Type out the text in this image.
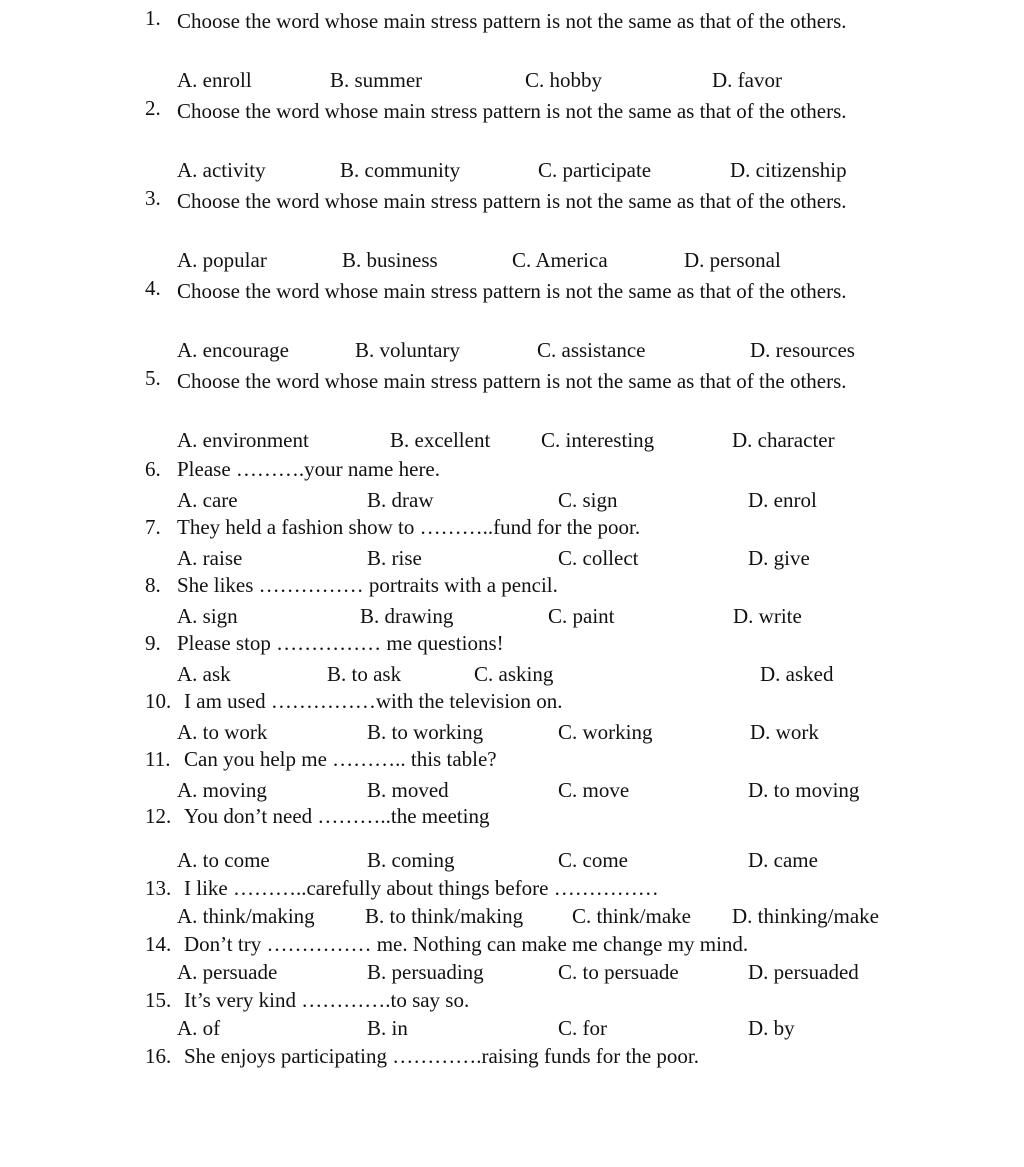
1. Choose the word whose main stress pattern is not the same as that of the others.
A. enroll	B. summer	C. hobby	D. favor
2. Choose the word whose main stress pattern is not the same as that of the others.
A. activity	B. community	C. participate	D. citizenship
3. Choose the word whose main stress pattern is not the same as that of the others.
A. popular	B. business	C. America	D. personal
4. Choose the word whose main stress pattern is not the same as that of the others.
A. encourage	B. voluntary	C. assistance	D. resources
5. Choose the word whose main stress pattern is not the same as that of the others.
A. environment	B. excellent C. interesting	D. character
6. Please ……….your name here.
A. care	B. draw	C. sign	D. enrol
7. They held a fashion show to ………..fund for the poor.
A. raise	B. rise	C. collect	D. give
8. She likes …………… portraits with a pencil.
A. sign	B. drawing	C. paint	D. write
9. Please stop …………… me questions!
A. ask	B. to ask	C. asking	D. asked
10. I am used ……………with the television on.
A. to work	B. to working	C. working	D. work
11. Can you help me ……….. this table?
A. moving	B. moved	C. move	D. to moving
12. You don’t need ………..the meeting
A. to come	B. coming	C. come	D. came
13. I like ………..carefully about things before ……………
A. think/making B. to think/making C. think/make D. thinking/make
14. Don’t try …………… me. Nothing can make me change my mind.
A. persuade	B. persuading	C. to persuade	D. persuaded
15. It’s very kind ………….to say so.
A. of	B. in	C. for	D. by
16. She enjoys participating ………….raising funds for the poor.
